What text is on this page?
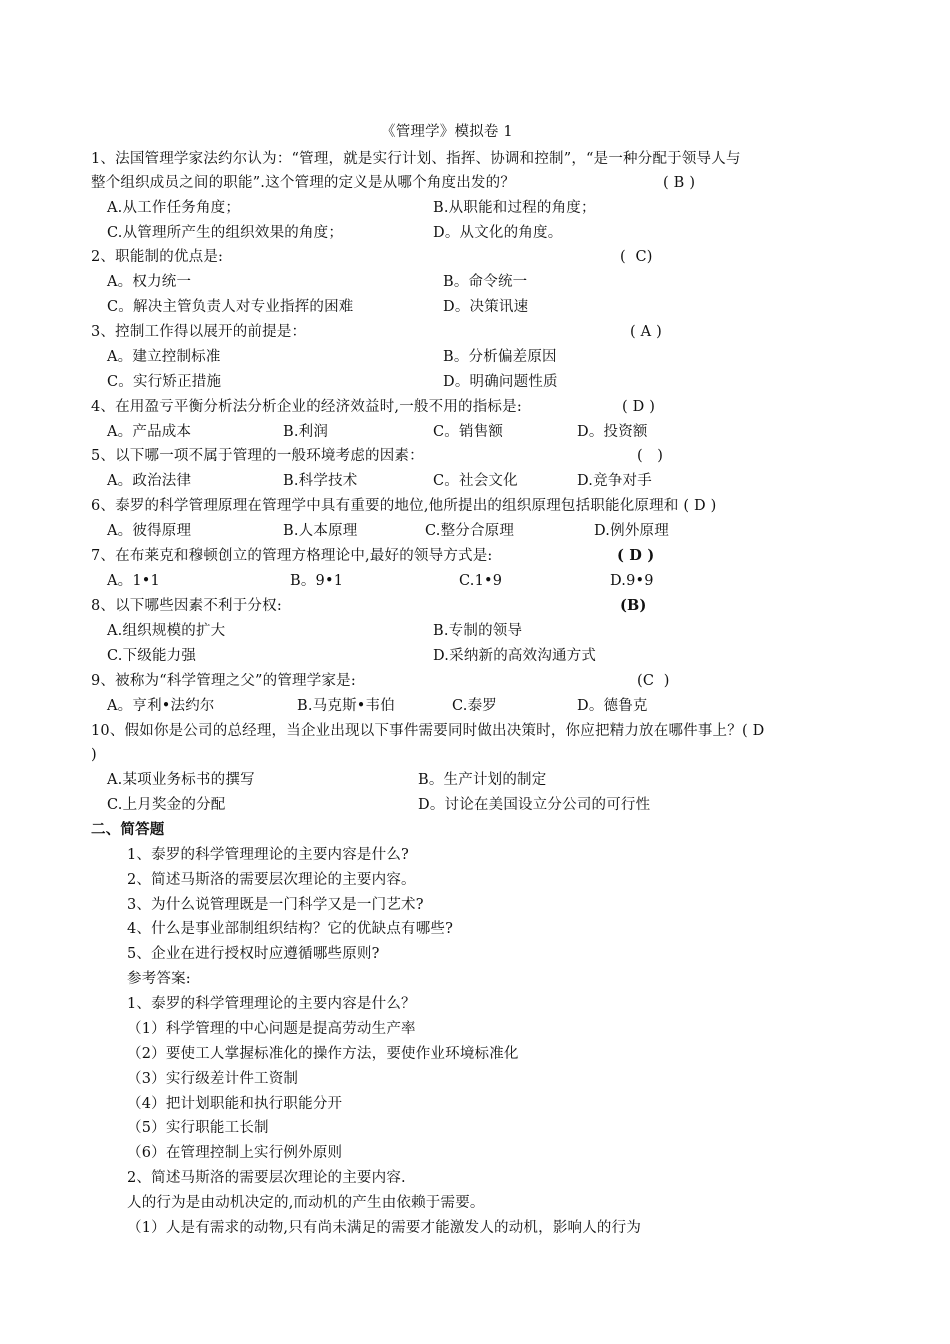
《管理学》模拟卷 1
1、法国管理学家法约尔认为：“管理，就是实行计划、指挥、协调和控制”，“是一种分配于领导人与
整个组织成员之间的职能”.这个管理的定义是从哪个角度出发的？	( B )
A.从工作任务角度；	B.从职能和过程的角度；
C.从管理所产生的组织效果的角度；	D。从文化的角度。
2、职能制的优点是:	(  C)
A。权力统一	B。命令统一
C。解决主管负责人对专业指挥的困难	D。决策讯速
3、控制工作得以展开的前提是：	( A )
A。建立控制标准	B。分析偏差原因
C。实行矫正措施	D。明确问题性质
4、在用盈亏平衡分析法分析企业的经济效益时,一般不用的指标是:	( D )
A。产品成本	B.利润	C。销售额	D。投资额
5、以下哪一项不属于管理的一般环境考虑的因素：	(   )
A。政治法律	B.科学技术	C。社会文化	D.竞争对手
6、泰罗的科学管理原理在管理学中具有重要的地位,他所提出的组织原理包括职能化原理和 ( D )
A。彼得原理	B.人本原理	C.整分合原理	D.例外原理
7、在布莱克和穆顿创立的管理方格理论中,最好的领导方式是:	( D )
A。1•1	B。9•1	C.1•9	D.9•9
8、以下哪些因素不利于分权:	(B)
A.组织规模的扩大	B.专制的领导
C.下级能力强	D.采纳新的高效沟通方式
9、被称为“科学管理之父”的管理学家是:	(C  )
A。亨利•法约尔	B.马克斯•韦伯	C.泰罗	D。德鲁克
10、假如你是公司的总经理，当企业出现以下事件需要同时做出决策时，你应把精力放在哪件事上？( D
)
A.某项业务标书的撰写	B。生产计划的制定
C.上月奖金的分配	D。讨论在美国设立分公司的可行性
二、简答题
1、泰罗的科学管理理论的主要内容是什么?
2、简述马斯洛的需要层次理论的主要内容。
3、为什么说管理既是一门科学又是一门艺术?
4、什么是事业部制组织结构？它的优缺点有哪些?
5、企业在进行授权时应遵循哪些原则?
参考答案:
1、泰罗的科学管理理论的主要内容是什么？
（1）科学管理的中心问题是提高劳动生产率
（2）要使工人掌握标准化的操作方法，要使作业环境标准化
（3）实行级差计件工资制
（4）把计划职能和执行职能分开
（5）实行职能工长制
（6）在管理控制上实行例外原则
2、简述马斯洛的需要层次理论的主要内容.
人的行为是由动机决定的,而动机的产生由依赖于需要。
（1）人是有需求的动物,只有尚未满足的需要才能激发人的动机，影响人的行为
